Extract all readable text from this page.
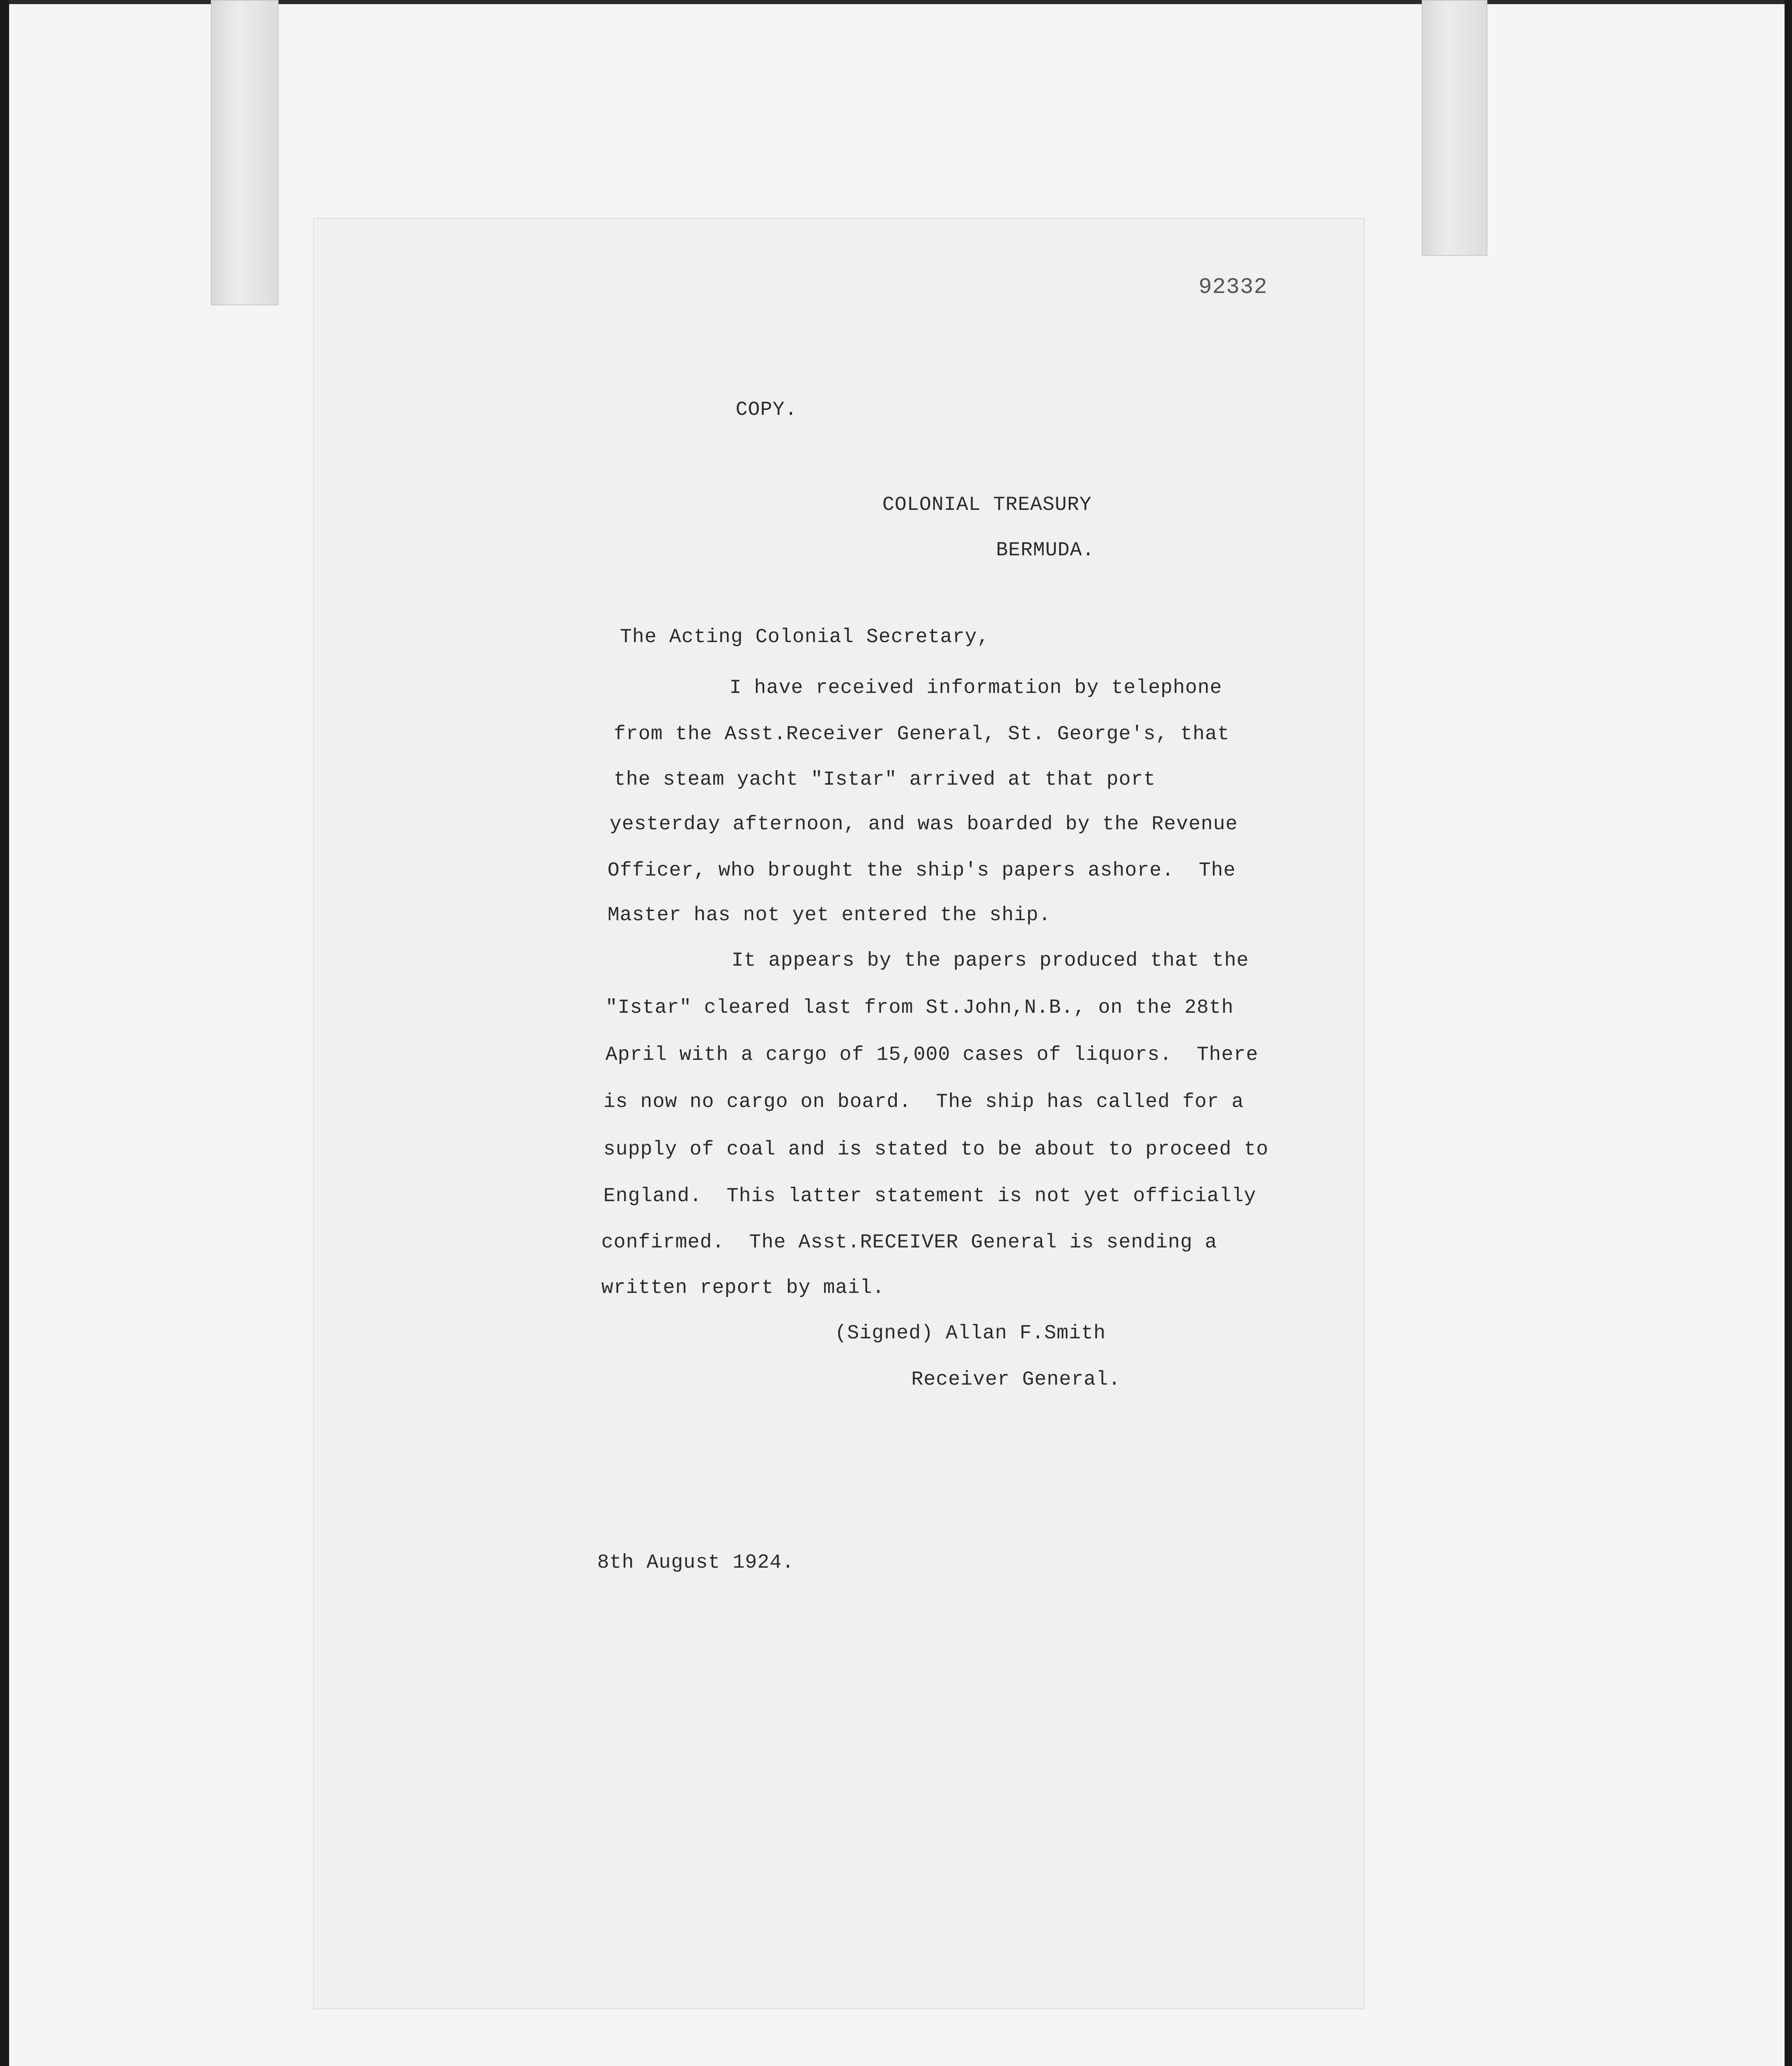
92332
COPY.
COLONIAL TREASURY
BERMUDA.
The Acting Colonial Secretary,
I have received information by telephone
from the Asst.Receiver General, St. George's, that
the steam yacht "Istar" arrived at that port
yesterday afternoon, and was boarded by the Revenue
Officer, who brought the ship's papers ashore.  The
Master has not yet entered the ship.
It appears by the papers produced that the
"Istar" cleared last from St.John,N.B., on the 28th
April with a cargo of 15,000 cases of liquors.  There
is now no cargo on board.  The ship has called for a
supply of coal and is stated to be about to proceed to
England.  This latter statement is not yet officially
confirmed.  The Asst.RECEIVER General is sending a
written report by mail.
(Signed) Allan F.Smith
Receiver General.
8th August 1924.
